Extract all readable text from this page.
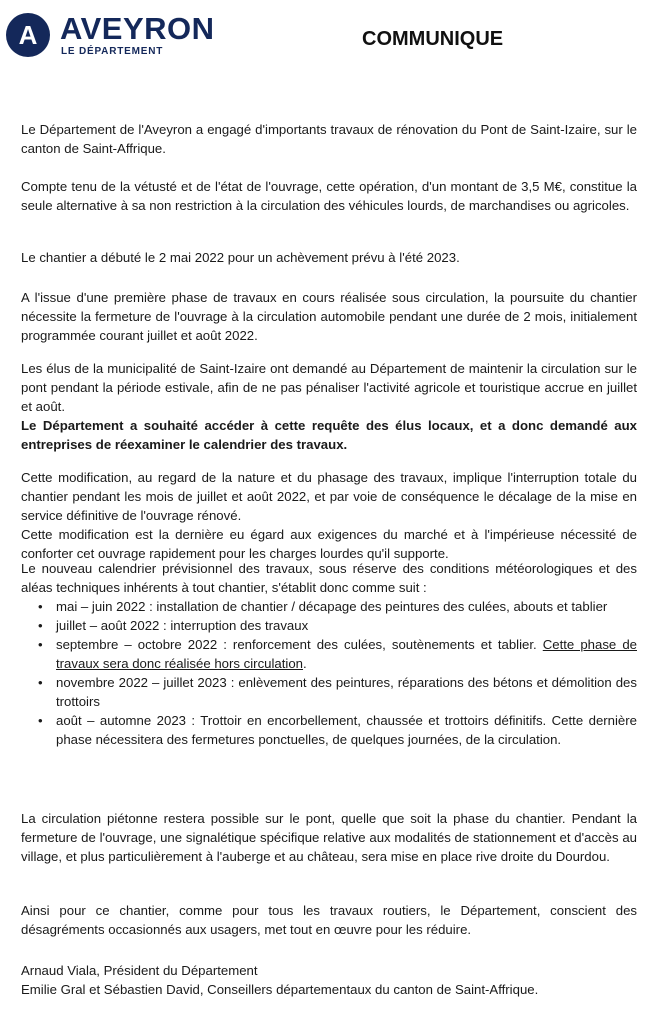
A AVEYRON
LE DÉPARTEMENT
COMMUNIQUE
Le Département de l'Aveyron a engagé d'importants travaux de rénovation du Pont de Saint-Izaire, sur le canton de Saint-Affrique.
Compte tenu de la vétusté et de l'état de l'ouvrage, cette opération, d'un montant de 3,5 M€, constitue la seule alternative à sa non restriction à la circulation des véhicules lourds, de marchandises ou agricoles.
Le chantier a débuté le 2 mai 2022 pour un achèvement prévu à l'été 2023.
A l'issue d'une première phase de travaux en cours réalisée sous circulation, la poursuite du chantier nécessite la fermeture de l'ouvrage à la circulation automobile pendant une durée de 2 mois, initialement programmée courant juillet et août 2022.
Les élus de la municipalité de Saint-Izaire ont demandé au Département de maintenir la circulation sur le pont pendant la période estivale, afin de ne pas pénaliser l'activité agricole et touristique accrue en juillet et août.
Le Département a souhaité accéder à cette requête des élus locaux, et a donc demandé aux entreprises de réexaminer le calendrier des travaux.
Cette modification, au regard de la nature et du phasage des travaux, implique l'interruption totale du chantier pendant les mois de juillet et août 2022, et par voie de conséquence le décalage de la mise en service définitive de l'ouvrage rénové.
Cette modification est la dernière eu égard aux exigences du marché et à l'impérieuse nécessité de conforter cet ouvrage rapidement pour les charges lourdes qu'il supporte.
Le nouveau calendrier prévisionnel des travaux, sous réserve des conditions météorologiques et des aléas techniques inhérents à tout chantier, s'établit donc comme suit :
• mai – juin 2022 : installation de chantier / décapage des peintures des culées, abouts et tablier
• juillet – août 2022 : interruption des travaux
• septembre – octobre 2022 : renforcement des culées, soutènements et tablier. Cette phase de travaux sera donc réalisée hors circulation.
• novembre 2022 – juillet 2023 : enlèvement des peintures, réparations des bétons et démolition des trottoirs
• août – automne 2023 : Trottoir en encorbellement, chaussée et trottoirs définitifs. Cette dernière phase nécessitera des fermetures ponctuelles, de quelques journées, de la circulation.
La circulation piétonne restera possible sur le pont, quelle que soit la phase du chantier. Pendant la fermeture de l'ouvrage, une signalétique spécifique relative aux modalités de stationnement et d'accès au village, et plus particulièrement à l'auberge et au château, sera mise en place rive droite du Dourdou.
Ainsi pour ce chantier, comme pour tous les travaux routiers, le Département, conscient des désagréments occasionnés aux usagers, met tout en œuvre pour les réduire.
Arnaud Viala, Président du Département
Emilie Gral et Sébastien David, Conseillers départementaux du canton de Saint-Affrique.
